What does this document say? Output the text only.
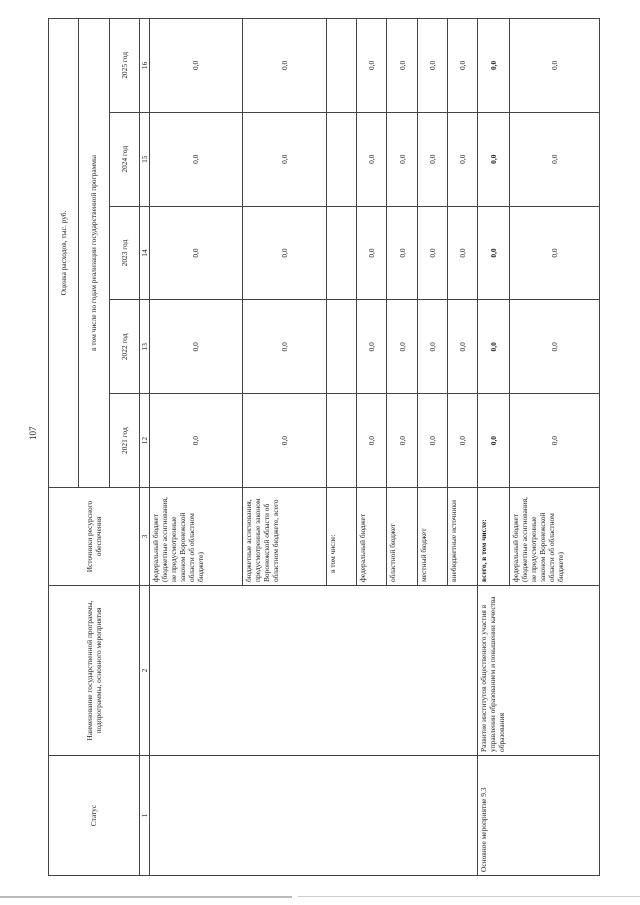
107
Статус	Наименование государственной программы, подпрограммы, основного мероприятия	Источники ресурсного обеспечения	Оценка расходов, тыс. руб.				
			в том числе по годам реализации государственной программы				
			2021 год	2022 год	2023 год	2024 год	2025 год
1	2	3	12	13	14	15	16
		федеральный бюджет (бюджетные ассигнования, не предусмотренные законом Воронежской области об областном бюджете)	0,0	0,0	0,0	0,0	0,0
		бюджетные ассигнования, предусмотренные законом Воронежской области об областном бюджете, всего	0,0	0,0	0,0	0,0	0,0
		в том числе:					
		федеральный бюджет	0,0	0,0	0,0	0,0	0,0
		областной бюджет	0,0	0,0	0,0	0,0	0,0
		местный бюджет	0,0	0,0	0,0	0,0	0,0
		внебюджетные источники	0,0	0,0	0,0	0,0	0,0
Основное мероприятие 9.3	Развитие институтов общественного участия в управлении образованием и повышении качества образования	всего, в том числе:	0,0	0,0	0,0	0,0	0,0
		федеральный бюджет (бюджетные ассигнования, не предусмотренные законом Воронежской области об областном бюджете)	0,0	0,0	0,0	0,0	0,0
